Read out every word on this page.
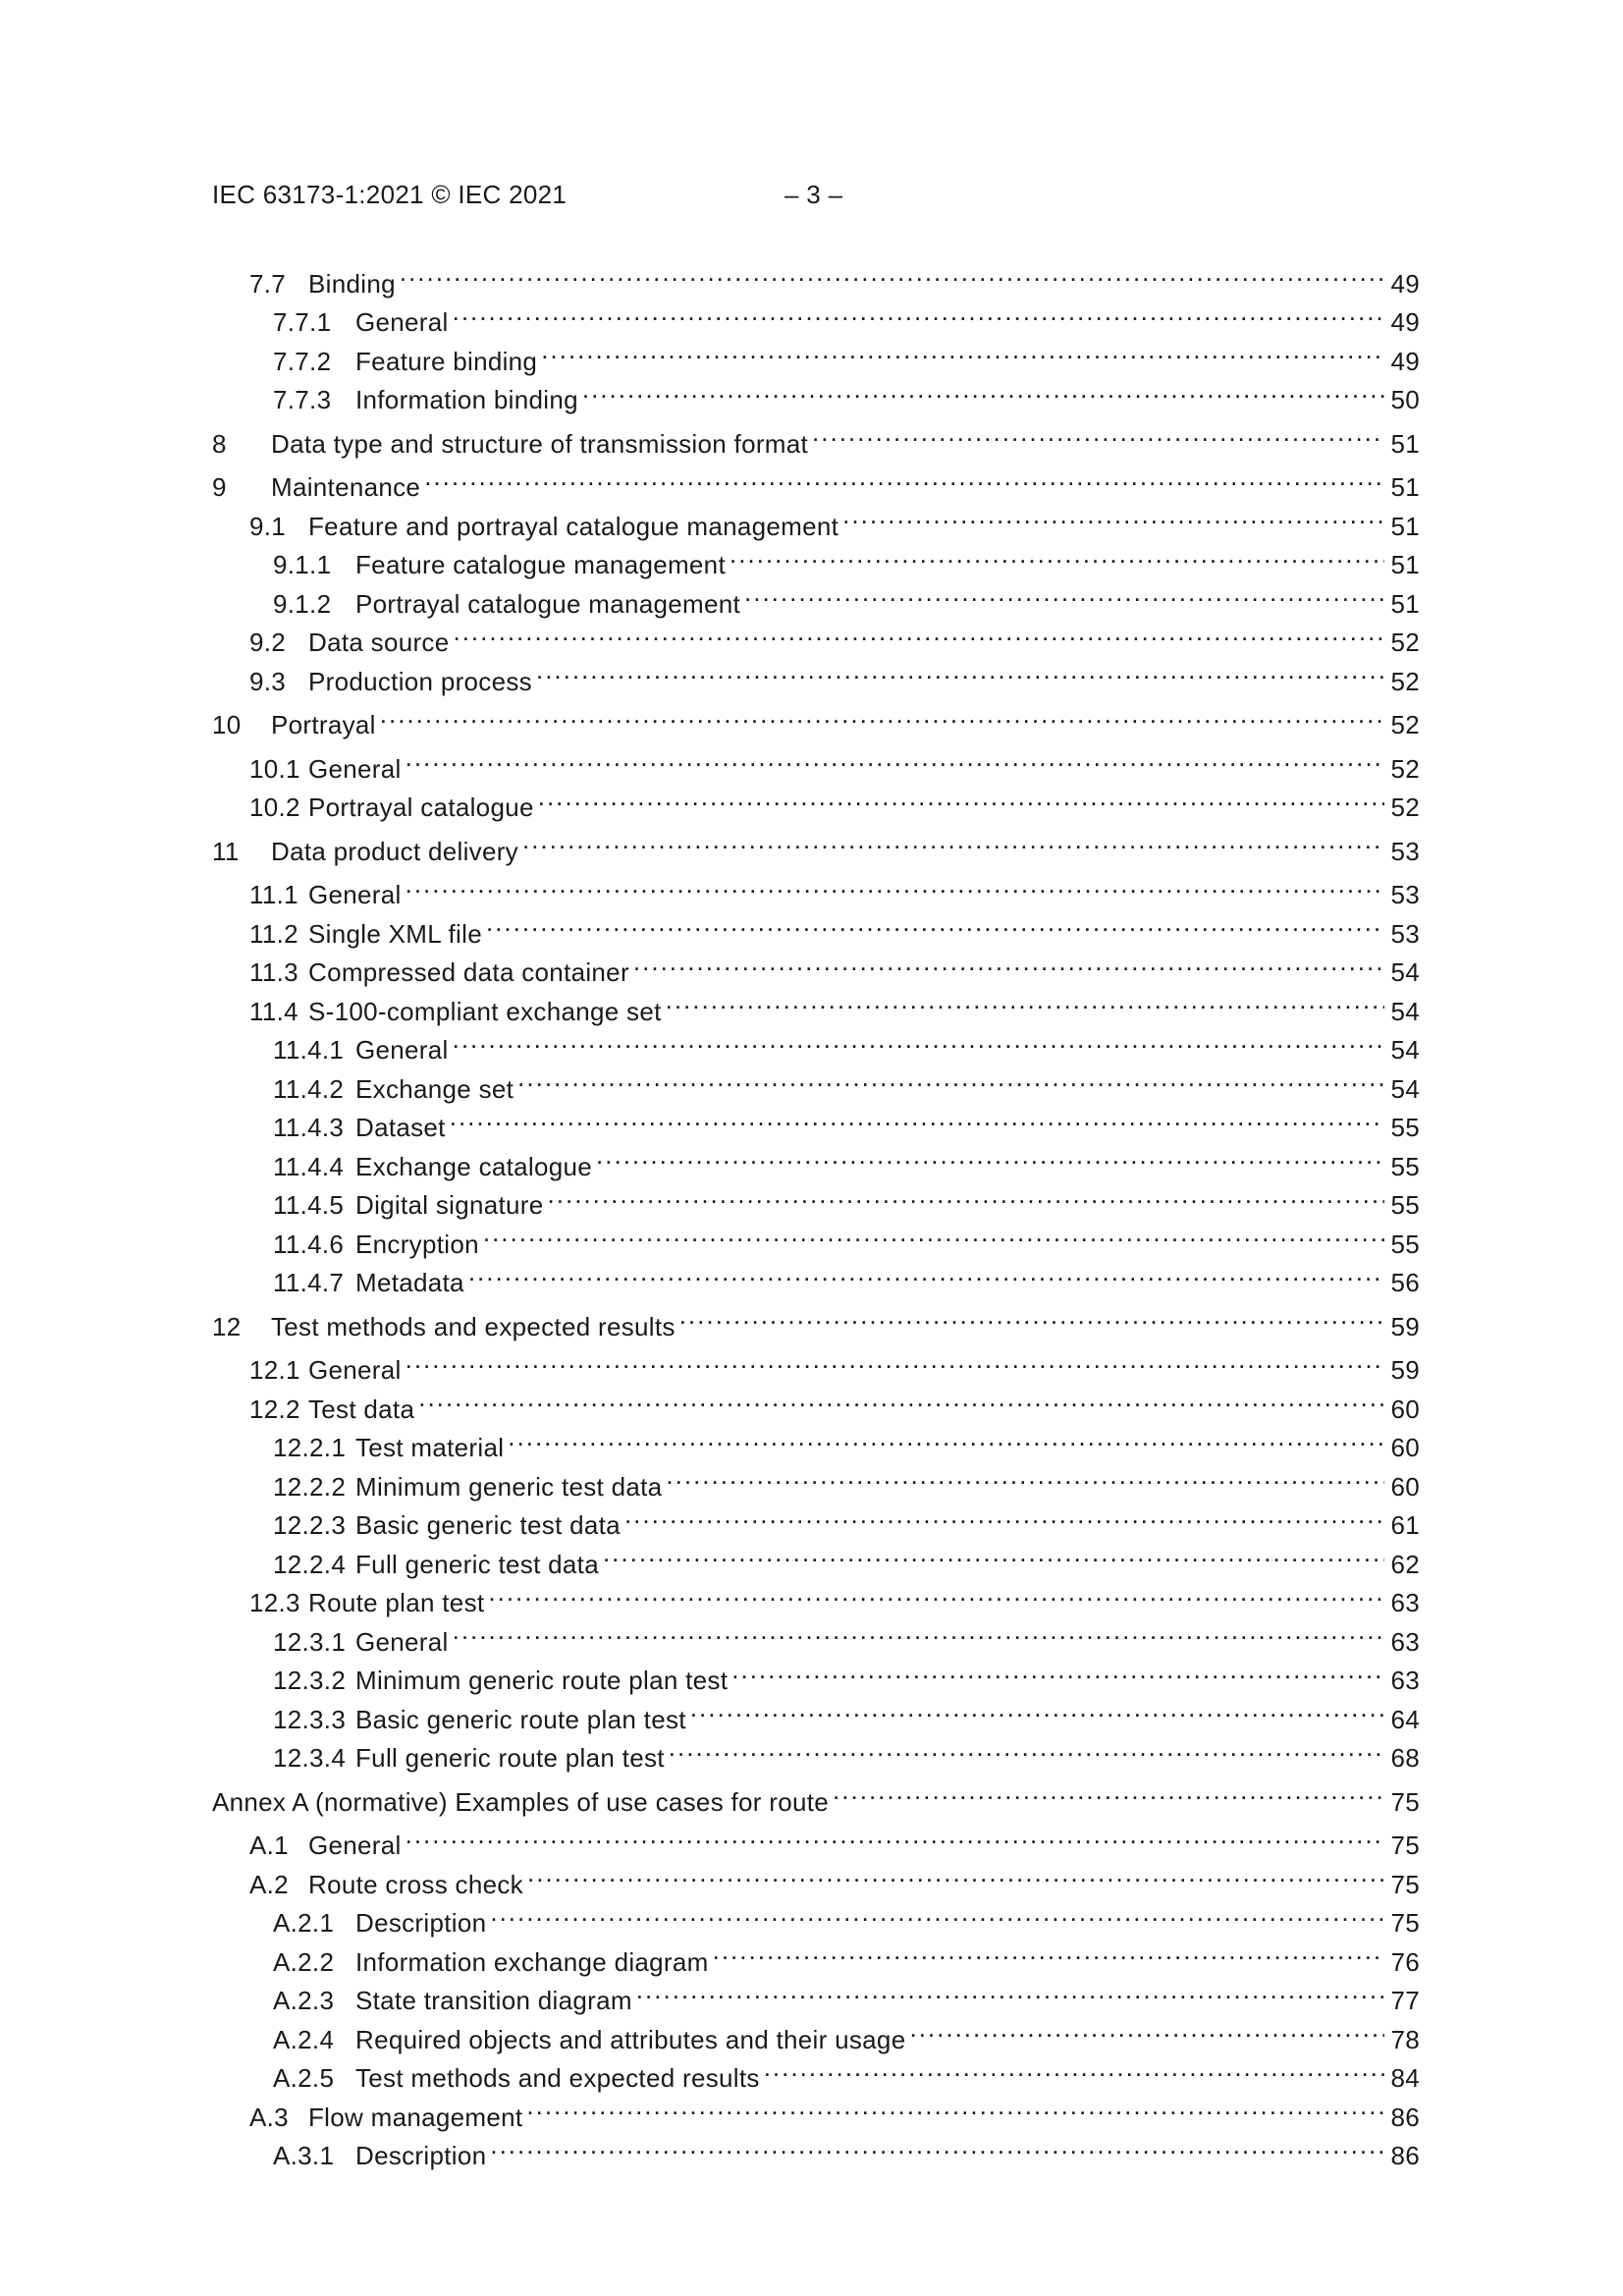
IEC 63173-1:2021 © IEC 2021	– 3 –
7.7 Binding .....	49
7.7.1 General .....	49
7.7.2 Feature binding .....	49
7.7.3 Information binding .....	50
8	Data type and structure of transmission format .....	51
9	Maintenance .....	51
9.1 Feature and portrayal catalogue management .....	51
9.1.1 Feature catalogue management .....	51
9.1.2 Portrayal catalogue management .....	51
9.2 Data source .....	52
9.3 Production process .....	52
10	Portrayal .....	52
10.1 General .....	52
10.2 Portrayal catalogue .....	52
11	Data product delivery .....	53
11.1 General .....	53
11.2 Single XML file .....	53
11.3 Compressed data container .....	54
11.4 S-100-compliant exchange set .....	54
11.4.1 General .....	54
11.4.2 Exchange set .....	54
11.4.3 Dataset .....	55
11.4.4 Exchange catalogue .....	55
11.4.5 Digital signature .....	55
11.4.6 Encryption .....	55
11.4.7 Metadata .....	56
12	Test methods and expected results .....	59
12.1 General .....	59
12.2 Test data .....	60
12.2.1 Test material .....	60
12.2.2 Minimum generic test data .....	60
12.2.3 Basic generic test data .....	61
12.2.4 Full generic test data .....	62
12.3 Route plan test .....	63
12.3.1 General .....	63
12.3.2 Minimum generic route plan test .....	63
12.3.3 Basic generic route plan test .....	64
12.3.4 Full generic route plan test .....	68
Annex A (normative) Examples of use cases for route .....	75
A.1 General .....	75
A.2 Route cross check .....	75
A.2.1 Description .....	75
A.2.2 Information exchange diagram .....	76
A.2.3 State transition diagram .....	77
A.2.4 Required objects and attributes and their usage .....	78
A.2.5 Test methods and expected results .....	84
A.3 Flow management .....	86
A.3.1 Description .....	86
